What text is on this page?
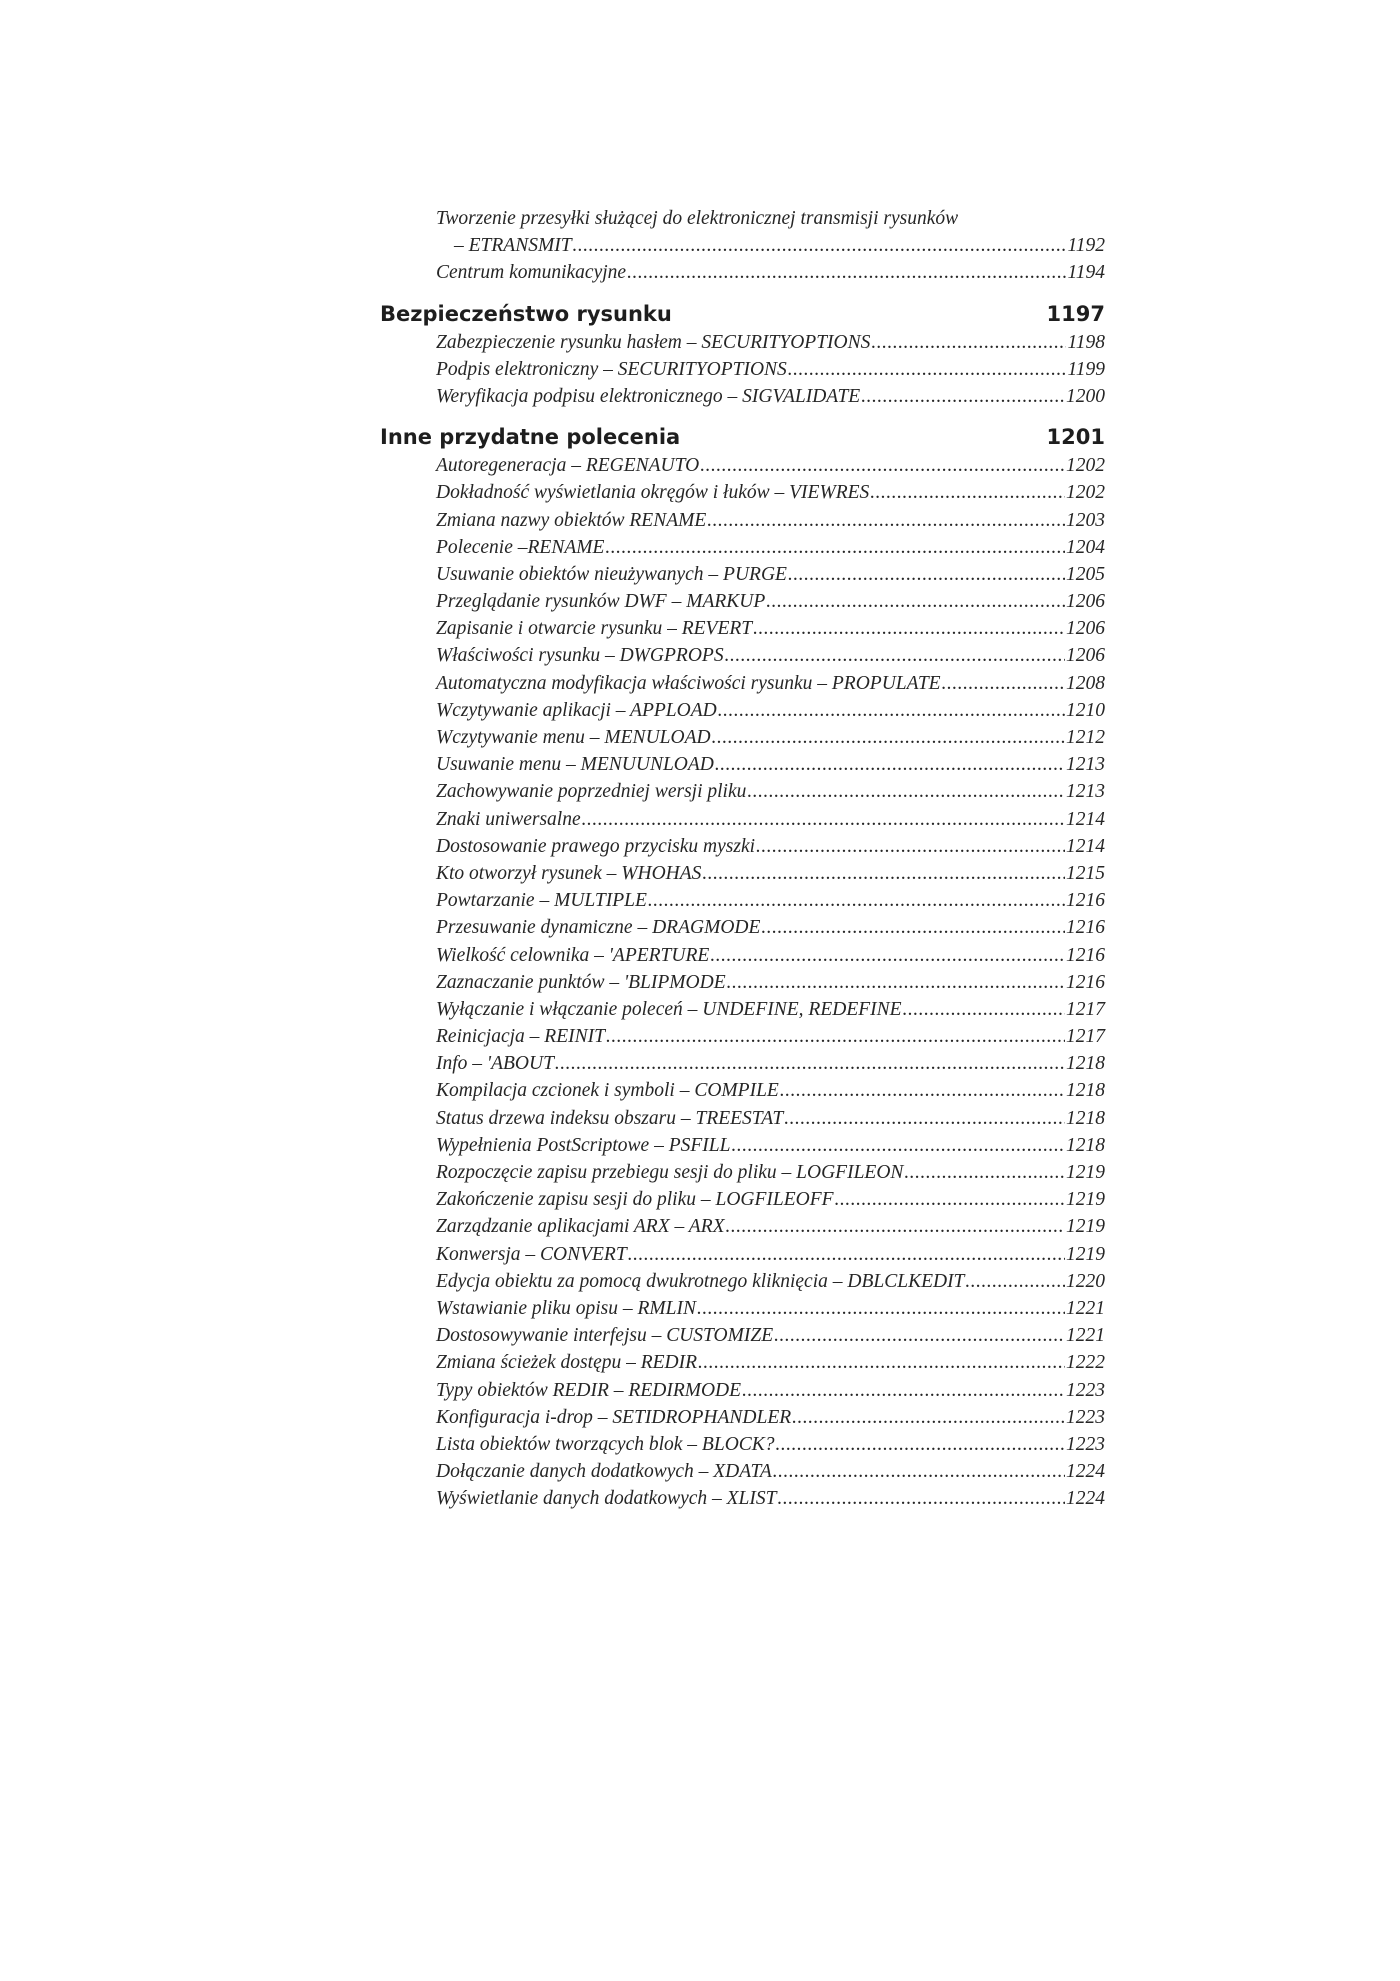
Tworzenie przesyłki służącej do elektronicznej transmisji rysunków
– ETRANSMIT .....	1192
Centrum komunikacyjne .....	1194
Bezpieczeństwo rysunku	1197
Zabezpieczenie rysunku hasłem – SECURITYOPTIONS .....	1198
Podpis elektroniczny – SECURITYOPTIONS .....	1199
Weryfikacja podpisu elektronicznego – SIGVALIDATE .....	1200
Inne przydatne polecenia	1201
Autoregeneracja – REGENAUTO .....	1202
Dokładność wyświetlania okręgów i łuków – VIEWRES .....	1202
Zmiana nazwy obiektów RENAME .....	1203
Polecenie –RENAME .....	1204
Usuwanie obiektów nieużywanych – PURGE .....	1205
Przeglądanie rysunków DWF – MARKUP .....	1206
Zapisanie i otwarcie rysunku – REVERT .....	1206
Właściwości rysunku – DWGPROPS .....	1206
Automatyczna modyfikacja właściwości rysunku – PROPULATE .....	1208
Wczytywanie aplikacji – APPLOAD .....	1210
Wczytywanie menu – MENULOAD .....	1212
Usuwanie menu – MENUUNLOAD .....	1213
Zachowywanie poprzedniej wersji pliku .....	1213
Znaki uniwersalne .....	1214
Dostosowanie prawego przycisku myszki .....	1214
Kto otworzył rysunek – WHOHAS .....	1215
Powtarzanie – MULTIPLE .....	1216
Przesuwanie dynamiczne – DRAGMODE .....	1216
Wielkość celownika – 'APERTURE .....	1216
Zaznaczanie punktów – 'BLIPMODE .....	1216
Wyłączanie i włączanie poleceń – UNDEFINE, REDEFINE .....	1217
Reinicjacja – REINIT .....	1217
Info – 'ABOUT .....	1218
Kompilacja czcionek i symboli – COMPILE .....	1218
Status drzewa indeksu obszaru – TREESTAT .....	1218
Wypełnienia PostScriptowe – PSFILL .....	1218
Rozpoczęcie zapisu przebiegu sesji do pliku – LOGFILEON .....	1219
Zakończenie zapisu sesji do pliku – LOGFILEOFF .....	1219
Zarządzanie aplikacjami ARX – ARX .....	1219
Konwersja – CONVERT .....	1219
Edycja obiektu za pomocą dwukrotnego kliknięcia – DBLCLKEDIT .....	1220
Wstawianie pliku opisu – RMLIN .....	1221
Dostosowywanie interfejsu – CUSTOMIZE .....	1221
Zmiana ścieżek dostępu – REDIR .....	1222
Typy obiektów REDIR – REDIRMODE .....	1223
Konfiguracja i-drop – SETIDROPHANDLER .....	1223
Lista obiektów tworzących blok – BLOCK? .....	1223
Dołączanie danych dodatkowych – XDATA .....	1224
Wyświetlanie danych dodatkowych – XLIST .....	1224
